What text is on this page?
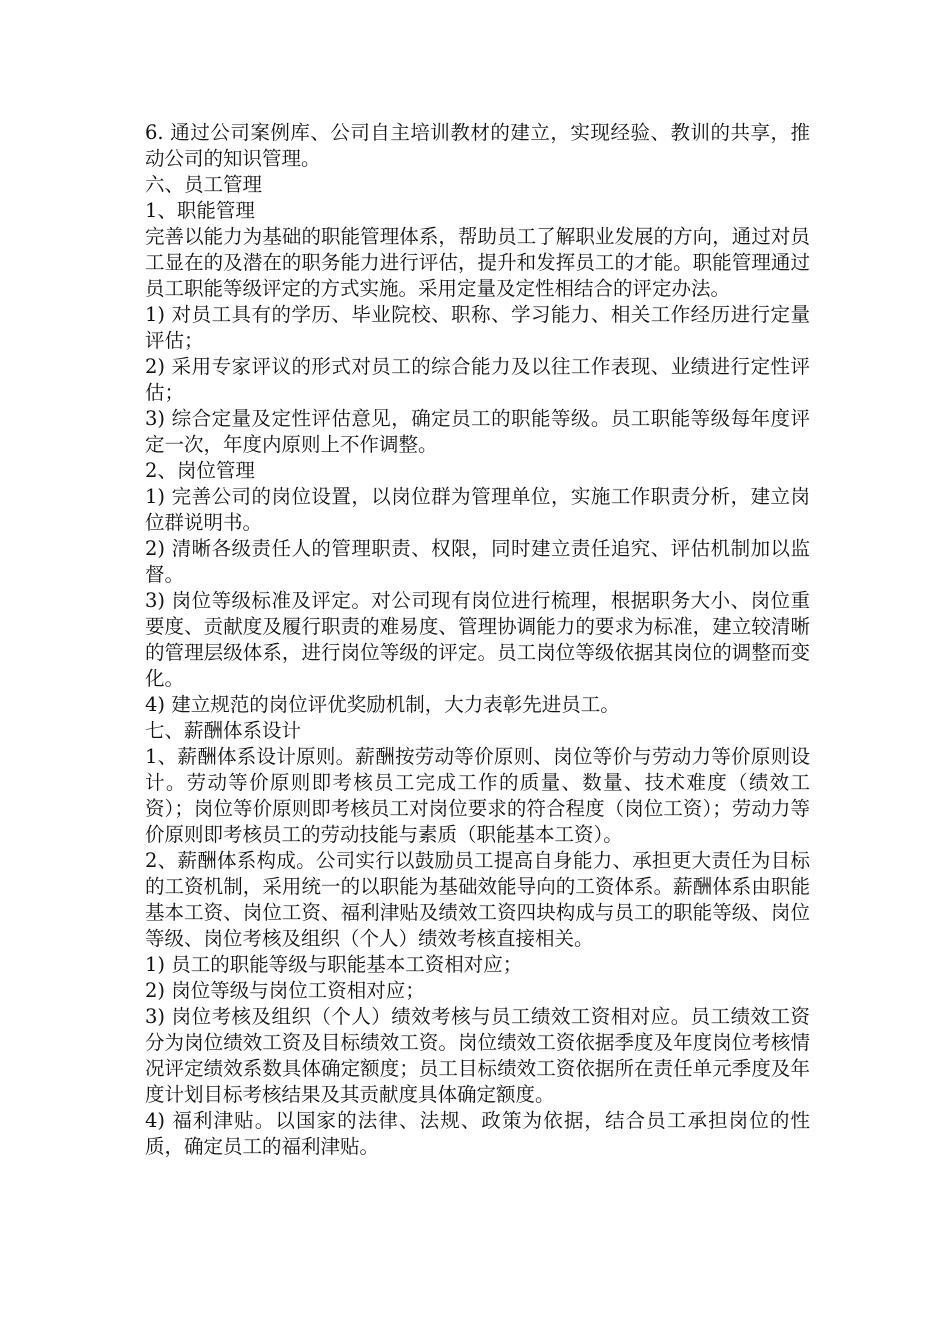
6. 通过公司案例库、公司自主培训教材的建立，实现经验、教训的共享，推动公司的知识管理。

六、员工管理

1、职能管理

完善以能力为基础的职能管理体系，帮助员工了解职业发展的方向，通过对员工显在的及潜在的职务能力进行评估，提升和发挥员工的才能。职能管理通过员工职能等级评定的方式实施。采用定量及定性相结合的评定办法。

1) 对员工具有的学历、毕业院校、职称、学习能力、相关工作经历进行定量评估；

2) 采用专家评议的形式对员工的综合能力及以往工作表现、业绩进行定性评估；

3) 综合定量及定性评估意见，确定员工的职能等级。员工职能等级每年度评定一次，年度内原则上不作调整。

2、岗位管理

1) 完善公司的岗位设置，以岗位群为管理单位，实施工作职责分析，建立岗位群说明书。

2) 清晰各级责任人的管理职责、权限，同时建立责任追究、评估机制加以监督。

3) 岗位等级标准及评定。对公司现有岗位进行梳理，根据职务大小、岗位重要度、贡献度及履行职责的难易度、管理协调能力的要求为标准，建立较清晰的管理层级体系，进行岗位等级的评定。员工岗位等级依据其岗位的调整而变化。

4) 建立规范的岗位评优奖励机制，大力表彰先进员工。

七、薪酬体系设计

1、薪酬体系设计原则。薪酬按劳动等价原则、岗位等价与劳动力等价原则设计。劳动等价原则即考核员工完成工作的质量、数量、技术难度（绩效工资）；岗位等价原则即考核员工对岗位要求的符合程度（岗位工资）；劳动力等价原则即考核员工的劳动技能与素质（职能基本工资）。

2、薪酬体系构成。公司实行以鼓励员工提高自身能力、承担更大责任为目标的工资机制，采用统一的以职能为基础效能导向的工资体系。薪酬体系由职能基本工资、岗位工资、福利津贴及绩效工资四块构成与员工的职能等级、岗位等级、岗位考核及组织（个人）绩效考核直接相关。

1) 员工的职能等级与职能基本工资相对应；

2) 岗位等级与岗位工资相对应；

3) 岗位考核及组织（个人）绩效考核与员工绩效工资相对应。员工绩效工资分为岗位绩效工资及目标绩效工资。岗位绩效工资依据季度及年度岗位考核情况评定绩效系数具体确定额度；员工目标绩效工资依据所在责任单元季度及年度计划目标考核结果及其贡献度具体确定额度。

4) 福利津贴。以国家的法律、法规、政策为依据，结合员工承担岗位的性质，确定员工的福利津贴。
